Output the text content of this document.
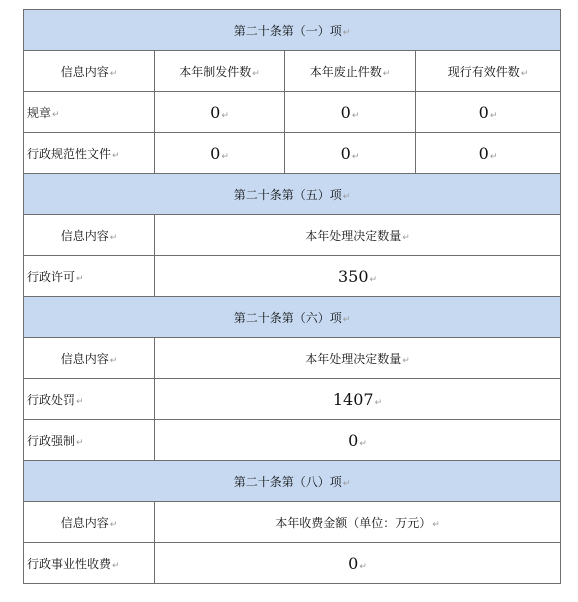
第二十条第（一）项↵			
信息内容↵	本年制发件数↵	本年废止件数↵	现行有效件数↵
规章↵	0↵	0↵	0↵
行政规范性文件↵	0↵	0↵	0↵
第二十条第（五）项↵			
信息内容↵	本年处理决定数量↵		
行政许可↵	350↵		
第二十条第（六）项↵			
信息内容↵	本年处理决定数量↵		
行政处罚↵	1407↵		
行政强制↵	0↵		
第二十条第（八）项↵			
信息内容↵	本年收费金额（单位：万元）↵		
行政事业性收费↵	0↵		
